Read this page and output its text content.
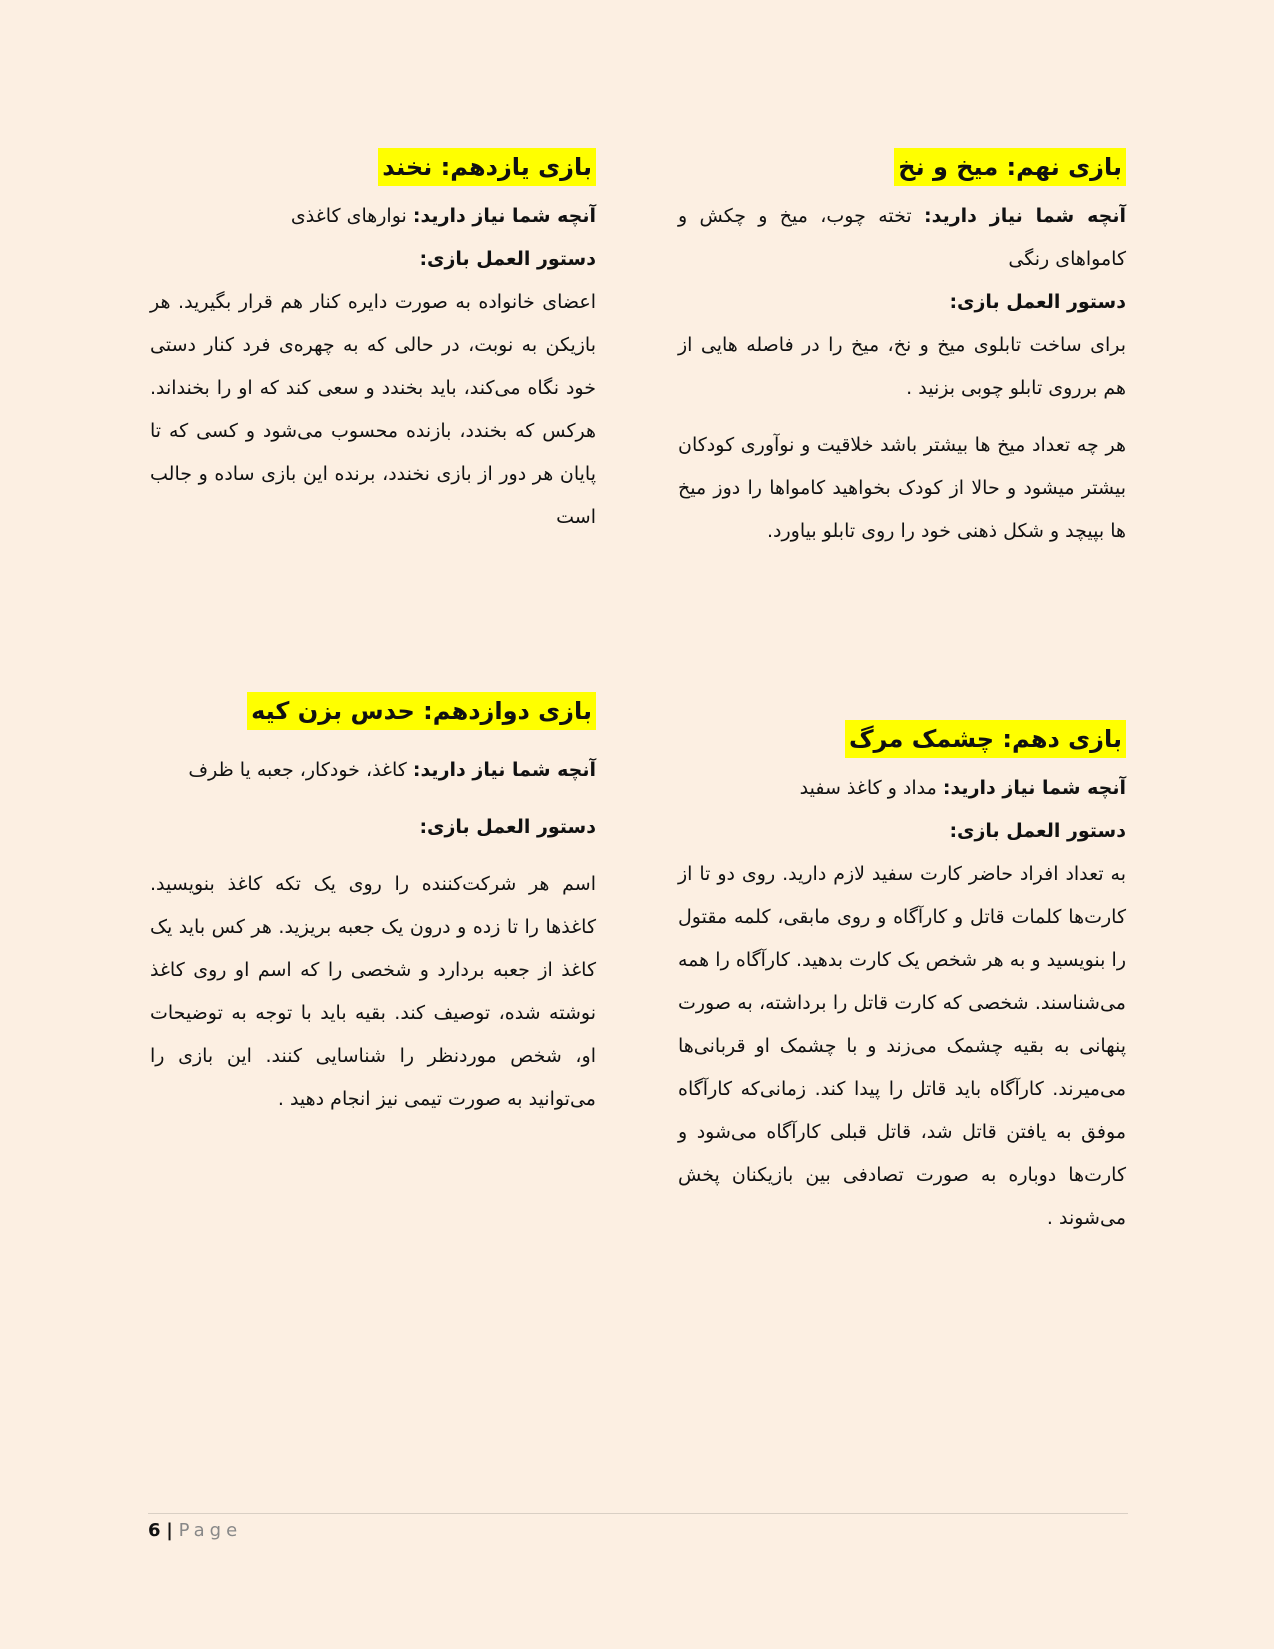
بازی نهم: میخ و نخ

آنچه شما نیاز دارید: تخته چوب، میخ و چکش و کامواهای رنگی

دستور العمل بازی:

برای ساخت تابلوی میخ و نخ، میخ را در فاصله هایی از هم برروی تابلو چوبی بزنید .

هر چه تعداد میخ ها بیشتر باشد خلاقیت و نوآوری کودکان بیشتر میشود و حالا از کودک بخواهید کامواها را دوز میخ ها بپیچد و شکل ذهنی خود را روی تابلو بیاورد.

بازی یازدهم: نخند

آنچه شما نیاز دارید: نوارهای کاغذی

دستور العمل بازی:

اعضای خانواده به صورت دایره کنار هم قرار بگیرید. هر بازیکن به نوبت، در حالی که به چهره‌ی فرد کنار دستی خود نگاه می‌کند، باید بخندد و سعی کند که او را بخنداند. هرکس که بخندد، بازنده محسوب می‌شود و کسی که تا پایان هر دور از بازی نخندد، برنده این بازی ساده و جالب است

بازی دهم: چشمک مرگ

آنچه شما نیاز دارید: مداد و کاغذ سفید

دستور العمل بازی:

به تعداد افراد حاضر کارت سفید لازم دارید. روی دو تا از کارت‌ها کلمات قاتل و کارآگاه و روی مابقی، کلمه مقتول را بنویسید و به هر شخص یک کارت بدهید. کارآگاه را همه می‌شناسند. شخصی که کارت قاتل را برداشته، به صورت پنهانی به بقیه چشمک می‌زند و با چشمک او قربانی‌ها می‌میرند. کارآگاه باید قاتل را پیدا کند. زمانی‌که کارآگاه موفق به یافتن قاتل شد، قاتل قبلی کارآگاه می‌شود و کارت‌ها دوباره به صورت تصادفی بین بازیکنان پخش می‌شوند .

بازی دوازدهم: حدس بزن کیه

آنچه شما نیاز دارید: کاغذ، خودکار، جعبه یا ظرف

دستور العمل بازی:

اسم هر شرکت‌کننده را روی یک تکه کاغذ بنویسید. کاغذها را تا زده و درون یک جعبه بریزید. هر کس باید یک کاغذ از جعبه بردارد و شخصی را که اسم او روی کاغذ نوشته شده، توصیف کند. بقیه باید با توجه به توضیحات او، شخص موردنظر را شناسایی کنند. این بازی را می‌توانید به صورت تیمی نیز انجام دهید .

6 | Page
